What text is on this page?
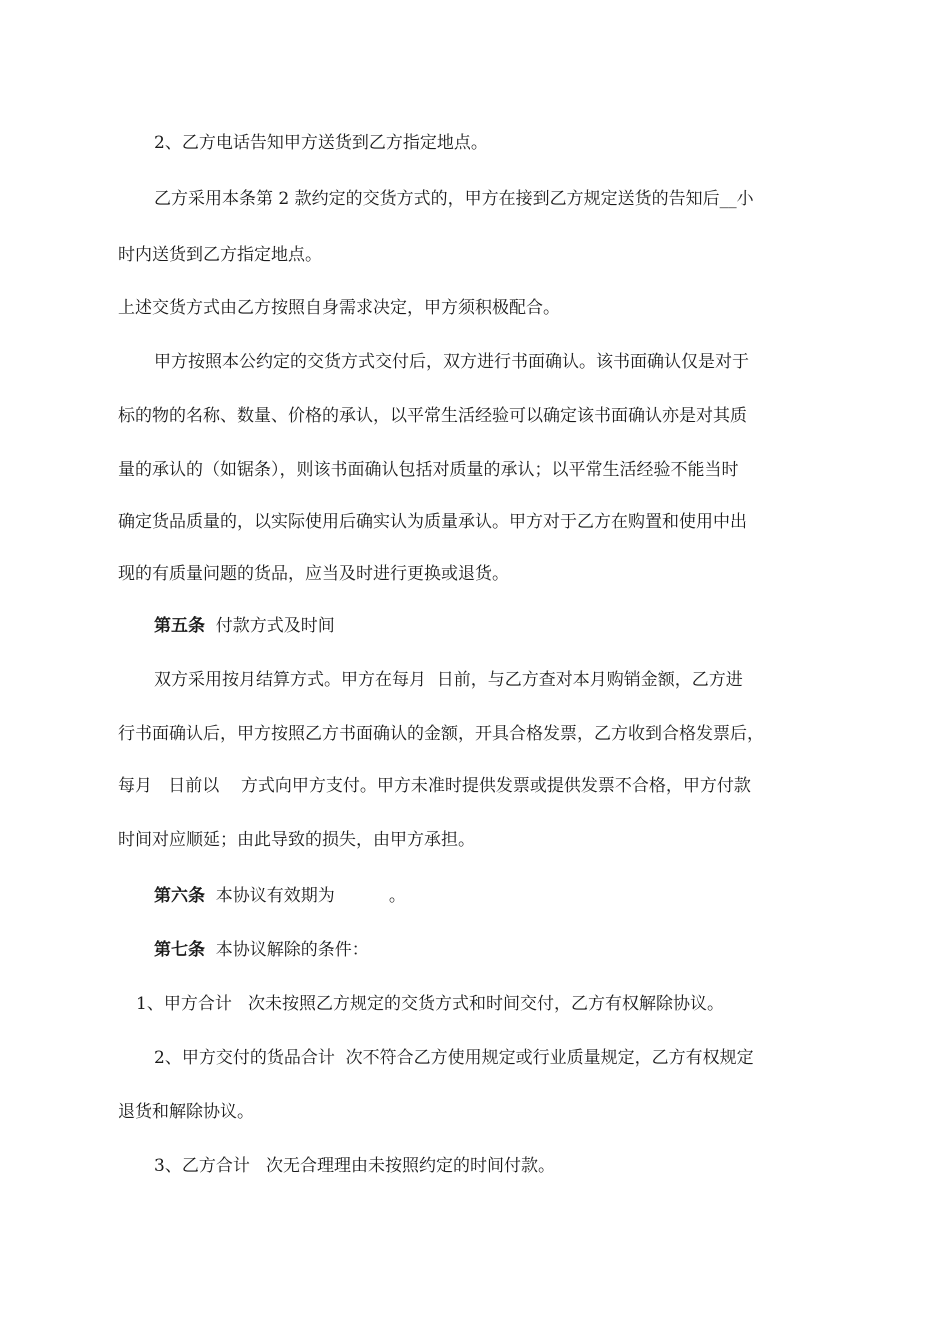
2、乙方电话告知甲方送货到乙方指定地点。
乙方采用本条第 2 款约定的交货方式的，甲方在接到乙方规定送货的告知后__小
时内送货到乙方指定地点。
上述交货方式由乙方按照自身需求决定，甲方须积极配合。
甲方按照本公约定的交货方式交付后，双方进行书面确认。该书面确认仅是对于
标的物的名称、数量、价格的承认，以平常生活经验可以确定该书面确认亦是对其质
量的承认的（如锯条），则该书面确认包括对质量的承认；以平常生活经验不能当时
确定货品质量的，以实际使用后确实认为质量承认。甲方对于乙方在购置和使用中出
现的有质量问题的货品，应当及时进行更换或退货。
第五条  付款方式及时间
双方采用按月结算方式。甲方在每月  日前，与乙方查对本月购销金额，乙方进
行书面确认后，甲方按照乙方书面确认的金额，开具合格发票，乙方收到合格发票后，
每月   日前以    方式向甲方支付。甲方未准时提供发票或提供发票不合格，甲方付款
时间对应顺延；由此导致的损失，由甲方承担。
第六条  本协议有效期为          。
第七条  本协议解除的条件：
1、甲方合计   次未按照乙方规定的交货方式和时间交付，乙方有权解除协议。
2、甲方交付的货品合计  次不符合乙方使用规定或行业质量规定，乙方有权规定
退货和解除协议。
3、乙方合计   次无合理理由未按照约定的时间付款。
